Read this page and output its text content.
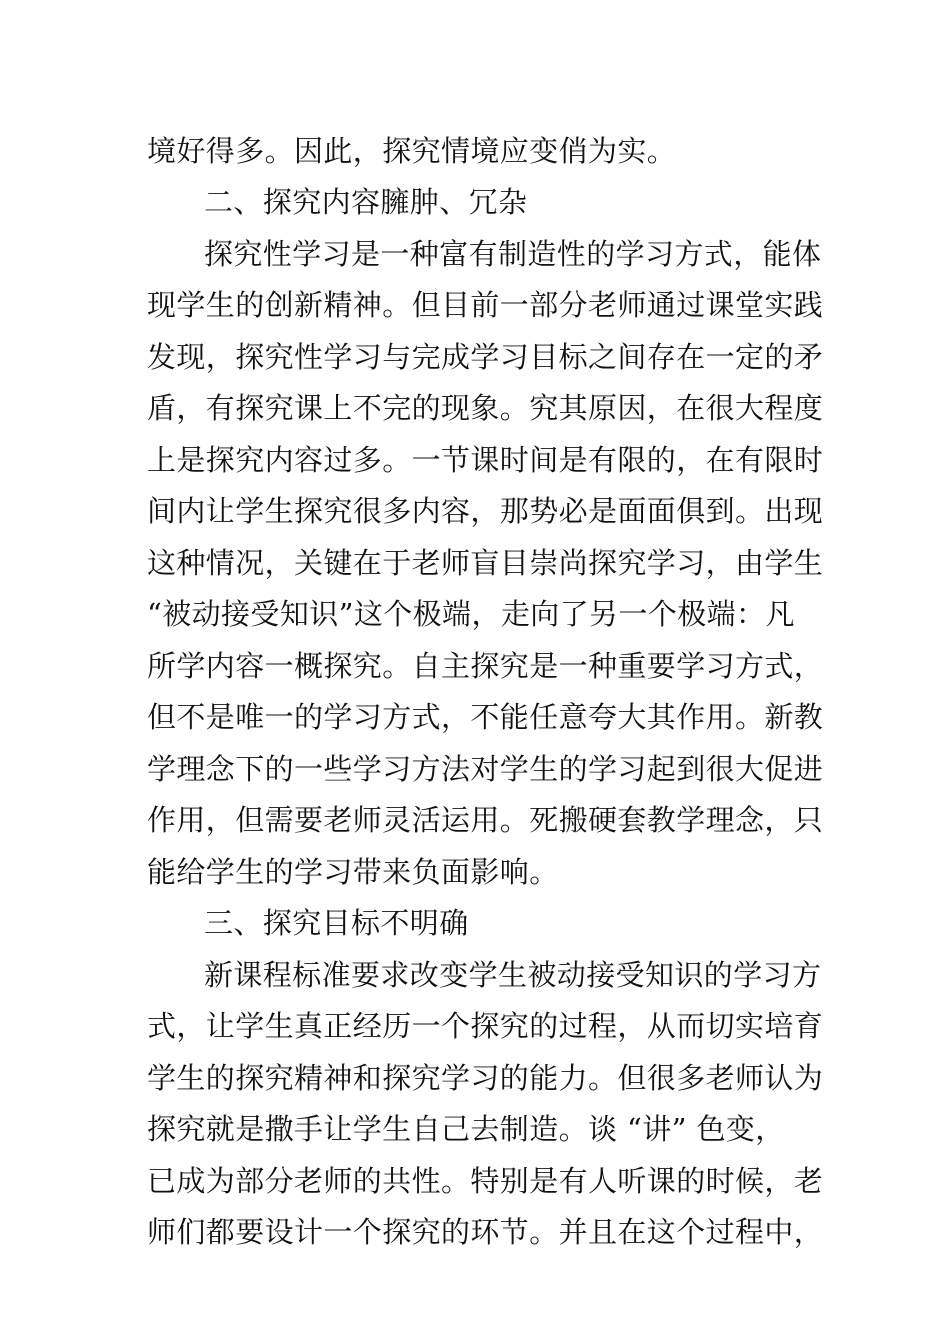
境好得多。因此，探究情境应变俏为实。
二、探究内容臃肿、冗杂
探究性学习是一种富有制造性的学习方式，能体
现学生的创新精神。但目前一部分老师通过课堂实践
发现，探究性学习与完成学习目标之间存在一定的矛
盾，有探究课上不完的现象。究其原因，在很大程度
上是探究内容过多。一节课时间是有限的，在有限时
间内让学生探究很多内容，那势必是面面俱到。出现
这种情况，关键在于老师盲目崇尚探究学习，由学生
“被动接受知识”这个极端，走向了另一个极端：凡
所学内容一概探究。自主探究是一种重要学习方式，
但不是唯一的学习方式，不能任意夸大其作用。新教
学理念下的一些学习方法对学生的学习起到很大促进
作用，但需要老师灵活运用。死搬硬套教学理念，只
能给学生的学习带来负面影响。
三、探究目标不明确
新课程标准要求改变学生被动接受知识的学习方
式，让学生真正经历一个探究的过程，从而切实培育
学生的探究精神和探究学习的能力。但很多老师认为
探究就是撒手让学生自己去制造。谈 “讲” 色变，
已成为部分老师的共性。特别是有人听课的时候，老
师们都要设计一个探究的环节。并且在这个过程中，
